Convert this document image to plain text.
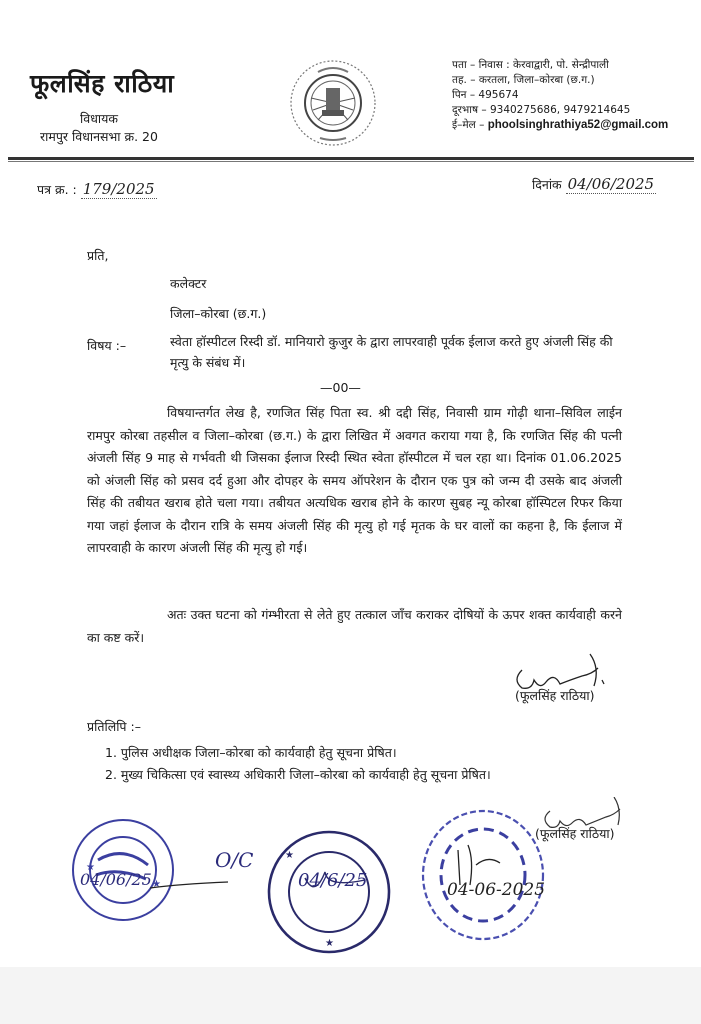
फूलसिंह राठिया
विधायक
रामपुर विधानसभा क्र. 20
पता – निवास : केरवाद्वारी, पो. सेन्द्रीपाली
तह. – करतला, जिला–कोरबा (छ.ग.)
पिन – 495674
दूरभाष – 9340275686, 9479214645
ई–मेल – phoolsinghrathiya52@gmail.com
पत्र क्र. : 179/2025	दिनांक 04/06/2025
प्रति,
कलेक्टर
जिला–कोरबा (छ.ग.)
विषय :–	स्वेता हॉस्पीटल रिस्दी डॉ. मानियारो कुजुर के द्वारा लापरवाही पूर्वक ईलाज करते हुए अंजली सिंह की मृत्यु के संबंध में।
—00—
विषयान्तर्गत लेख है, रणजित सिंह पिता स्व. श्री दद्दी सिंह, निवासी ग्राम गोढ़ी थाना–सिविल लाईन रामपुर कोरबा तहसील व जिला–कोरबा (छ.ग.) के द्वारा लिखित में अवगत कराया गया है, कि रणजित सिंह की पत्नी अंजली सिंह 9 माह से गर्भवती थी जिसका ईलाज रिस्दी स्थित स्वेता हॉस्पीटल में चल रहा था। दिनांक 01.06.2025 को अंजली सिंह को प्रसव दर्द हुआ और दोपहर के समय ऑपरेशन के दौरान एक पुत्र को जन्म दी उसके बाद अंजली सिंह की तबीयत खराब होते चला गया। तबीयत अत्यधिक खराब होने के कारण सुबह न्यू कोरबा हॉस्पिटल रिफर किया गया जहां ईलाज के दौरान रात्रि के समय अंजली सिंह की मृत्यु हो गई मृतक के घर वालों का कहना है, कि ईलाज में लापरवाही के कारण अंजली सिंह की मृत्यु हो गई।
अतः उक्त घटना को गंम्भीरता से लेते हुए तत्काल जाँच कराकर दोषियों के ऊपर शक्त कार्यवाही करने का कष्ट करें।
(फूलसिंह राठिया)
प्रतिलिपि :–
1. पुलिस अधीक्षक जिला–कोरबा को कार्यवाही हेतु सूचना प्रेषित।
2. मुख्य चिकित्सा एवं स्वास्थ्य अधिकारी जिला–कोरबा को कार्यवाही हेतु सूचना प्रेषित।
(फूलसिंह राठिया)
★
★
04/06/25
O/C	★
★
04/6/25	04-06-2025
